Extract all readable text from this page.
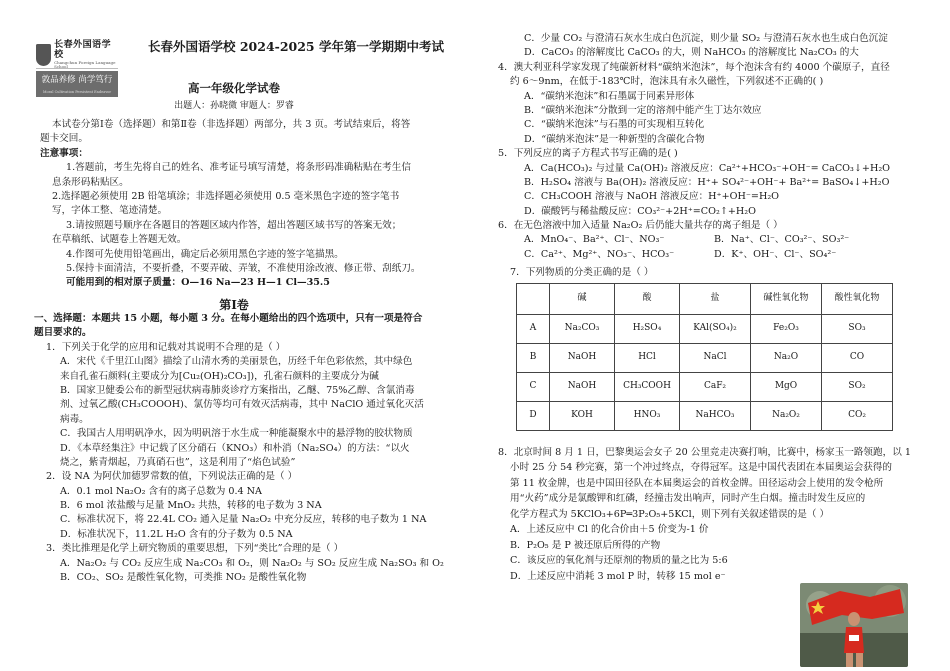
长春外国语学校
Changchun Foreign Language School
敦品养修 尚学笃行
Moral Cultivation Persistent Endeavor
长春外国语学校 2024-2025 学年第一学期期中考试
高一年级化学试卷
出题人：孙晓微 审题人：罗睿

本试卷分第Ⅰ卷（选择题）和第Ⅱ卷（非选择题）两部分，共 3 页。考试结束后，将答

题卡交回。

注意事项：

1.答题前，考生先将自己的姓名、准考证号填写清楚，将条形码准确粘贴在考生信

息条形码粘贴区。

2.选择题必须使用 2B 铅笔填涂；非选择题必须使用 0.5 毫米黑色字迹的签字笔书

写，字体工整、笔迹清楚。

3.请按照题号顺序在各题目的答题区域内作答，超出答题区域书写的答案无效；

在草稿纸、试题卷上答题无效。

4.作图可先使用铅笔画出，确定后必须用黑色字迹的签字笔描黑。

5.保持卡面清洁，不要折叠，不要弄破、弄皱，不准使用涂改液、修正带、刮纸刀。

可能用到的相对原子质量：O—16 Na—23 H—1 Cl—35.5

第Ⅰ卷

一、选择题：本题共 15 小题，每小题 3 分。在每小题给出的四个选项中，只有一项是符合

题目要求的。

1．下列关于化学的应用和记载对其说明不合理的是（ ）

A．宋代《千里江山图》描绘了山清水秀的美丽景色，历经千年色彩依然，其中绿色

来自孔雀石颜料(主要成分为[Cu₂(OH)₂CO₃])，孔雀石颜料的主要成分为碱

B．国家卫健委公布的新型冠状病毒肺炎诊疗方案指出，乙醚、75%乙醇、含氯消毒

剂、过氧乙酸(CH₃COOOH)、氯仿等均可有效灭活病毒，其中 NaClO 通过氧化灭活

病毒。

C．我国古人用明矾净水，因为明矾溶于水生成一种能凝聚水中的悬浮物的胶状物质

D．《本草经集注》中记载了区分硝石（KNO₃）和朴消（Na₂SO₄）的方法：“以火

烧之，紫青烟起，乃真硝石也”，这是利用了“焰色试验”

2．设 NA 为阿伏加德罗常数的值，下列说法正确的是（ ）

A．0.1 mol Na₂O₂ 含有的离子总数为 0.4 NA

B．6 mol 浓盐酸与足量 MnO₂ 共热，转移的电子数为 3 NA

C．标准状况下，将 22.4L CO₂ 通入足量 Na₂O₂ 中充分反应，转移的电子数为 1 NA

D．标准状况下，11.2L H₂O 含有的分子数为 0.5 NA

3．类比推理是化学上研究物质的重要思想，下列“类比”合理的是（ ）

A．Na₂O₂ 与 CO₂ 反应生成 Na₂CO₃ 和 O₂，则 Na₂O₂ 与 SO₂ 反应生成 Na₂SO₃ 和 O₂

B．CO₂、SO₂ 是酸性氧化物，可类推 NO₂ 是酸性氧化物

C．少量 CO₂ 与澄清石灰水生成白色沉淀，则少量 SO₂ 与澄清石灰水也生成白色沉淀

D．CaCO₃ 的溶解度比 CaCO₃ 的大，则 NaHCO₃ 的溶解度比 Na₂CO₃ 的大

4．澳大利亚科学家发现了纯碳新材料“碳纳米泡沫”，每个泡沫含有约 4000 个碳原子，直径

约 6～9nm，在低于-183℃时，泡沫具有永久磁性，下列叙述不正确的( )

A．“碳纳米泡沫”和石墨属于同素异形体

B．“碳纳米泡沫”分散到一定的溶剂中能产生丁达尔效应

C．“碳纳米泡沫”与石墨的可实现相互转化

D．“碳纳米泡沫”是一种新型的含碳化合物

5．下列反应的离子方程式书写正确的是( )

A．Ca(HCO₃)₂ 与过量 Ca(OH)₂ 溶液反应：Ca²⁺+HCO₃⁻+OH⁻= CaCO₃↓+H₂O

B．H₂SO₄ 溶液与 Ba(OH)₂ 溶液反应：H⁺+ SO₄²⁻+OH⁻+ Ba²⁺= BaSO₄↓+H₂O

C．CH₃COOH 溶液与 NaOH 溶液反应：H⁺+OH⁻=H₂O

D．碳酸钙与稀盐酸反应：CO₃²⁻+2H⁺=CO₂↑+H₂O

6．在无色溶液中加入适量 Na₂O₂ 后仍能大量共存的离子组是（ ）

A．MnO₄⁻、Ba²⁺、Cl⁻、NO₃⁻	B．Na⁺、Cl⁻、CO₃²⁻、SO₃²⁻
C．Ca²⁺、Mg²⁺、NO₃⁻、HCO₃⁻	D．K⁺、OH⁻、Cl⁻、SO₄²⁻

7．下列物质的分类正确的是（ ）

	碱	酸	盐	碱性氧化物	酸性氧化物
A	Na₂CO₃	H₂SO₄	KAl(SO₄)₂	Fe₂O₃	SO₃
B	NaOH	HCl	NaCl	Na₂O	CO
C	NaOH	CH₃COOH	CaF₂	MgO	SO₂
D	KOH	HNO₃	NaHCO₃	Na₂O₂	CO₂

8．北京时间 8 月 1 日，巴黎奥运会女子 20 公里竞走决赛打响，比赛中，杨家玉一路领跑，以 1

小时 25 分 54 秒完赛，第一个冲过终点，夺得冠军。这是中国代表团在本届奥运会获得的

第 11 枚金牌，也是中国田径队在本届奥运会的首枚金牌。田径运动会上使用的发令枪所

用“火药”成分是氯酸钾和红磷，经撞击发出响声，同时产生白烟。撞击时发生反应的

化学方程式为 5KClO₃+6P═3P₂O₅+5KCl，则下列有关叙述错误的是（ ）

A．上述反应中 Cl 的化合价由＋5 价变为-1 价

B．P₂O₅ 是 P 被还原后所得的产物

C．该反应的氧化剂与还原剂的物质的量之比为 5:6

D．上述反应中消耗 3 mol P 时，转移 15 mol e⁻
